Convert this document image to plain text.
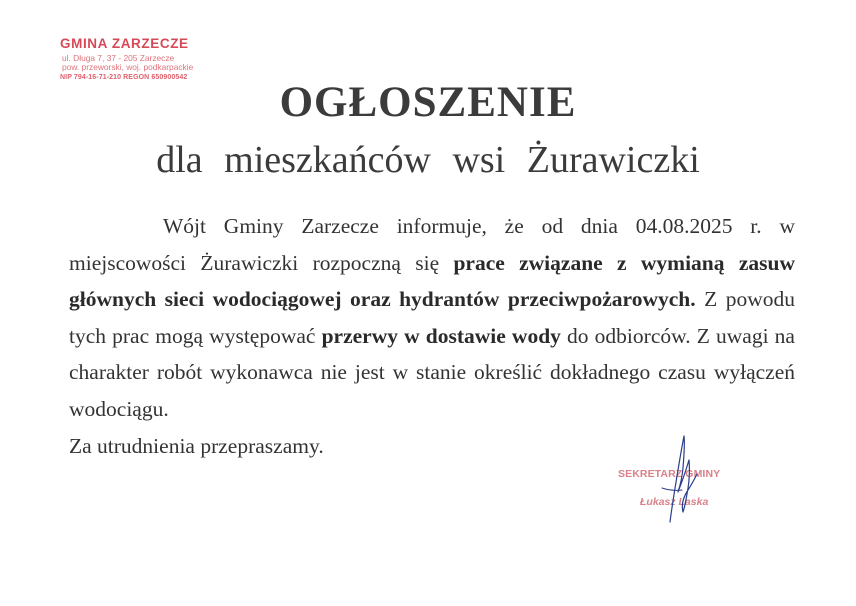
GMINA ZARZECZE
ul. Długa 7, 37 - 205 Zarzecze
pow. przeworski, woj. podkarpackie
NIP 794-16-71-210 REGON 650900542
OGŁOSZENIE
dla mieszkańców wsi Żurawiczki

Wójt Gminy Zarzecze informuje, że od dnia 04.08.2025 r. w miejscowości Żurawiczki rozpoczną się prace związane z wymianą zasuw głównych sieci wodociągowej oraz hydrantów przeciwpożarowych. Z powodu tych prac mogą występować przerwy w dostawie wody do odbiorców. Z uwagi na charakter robót wykonawca nie jest w stanie określić dokładnego czasu wyłączeń wodociągu.

Za utrudnienia przepraszamy.

SEKRETARZ GMINY
Łukasz Laska
